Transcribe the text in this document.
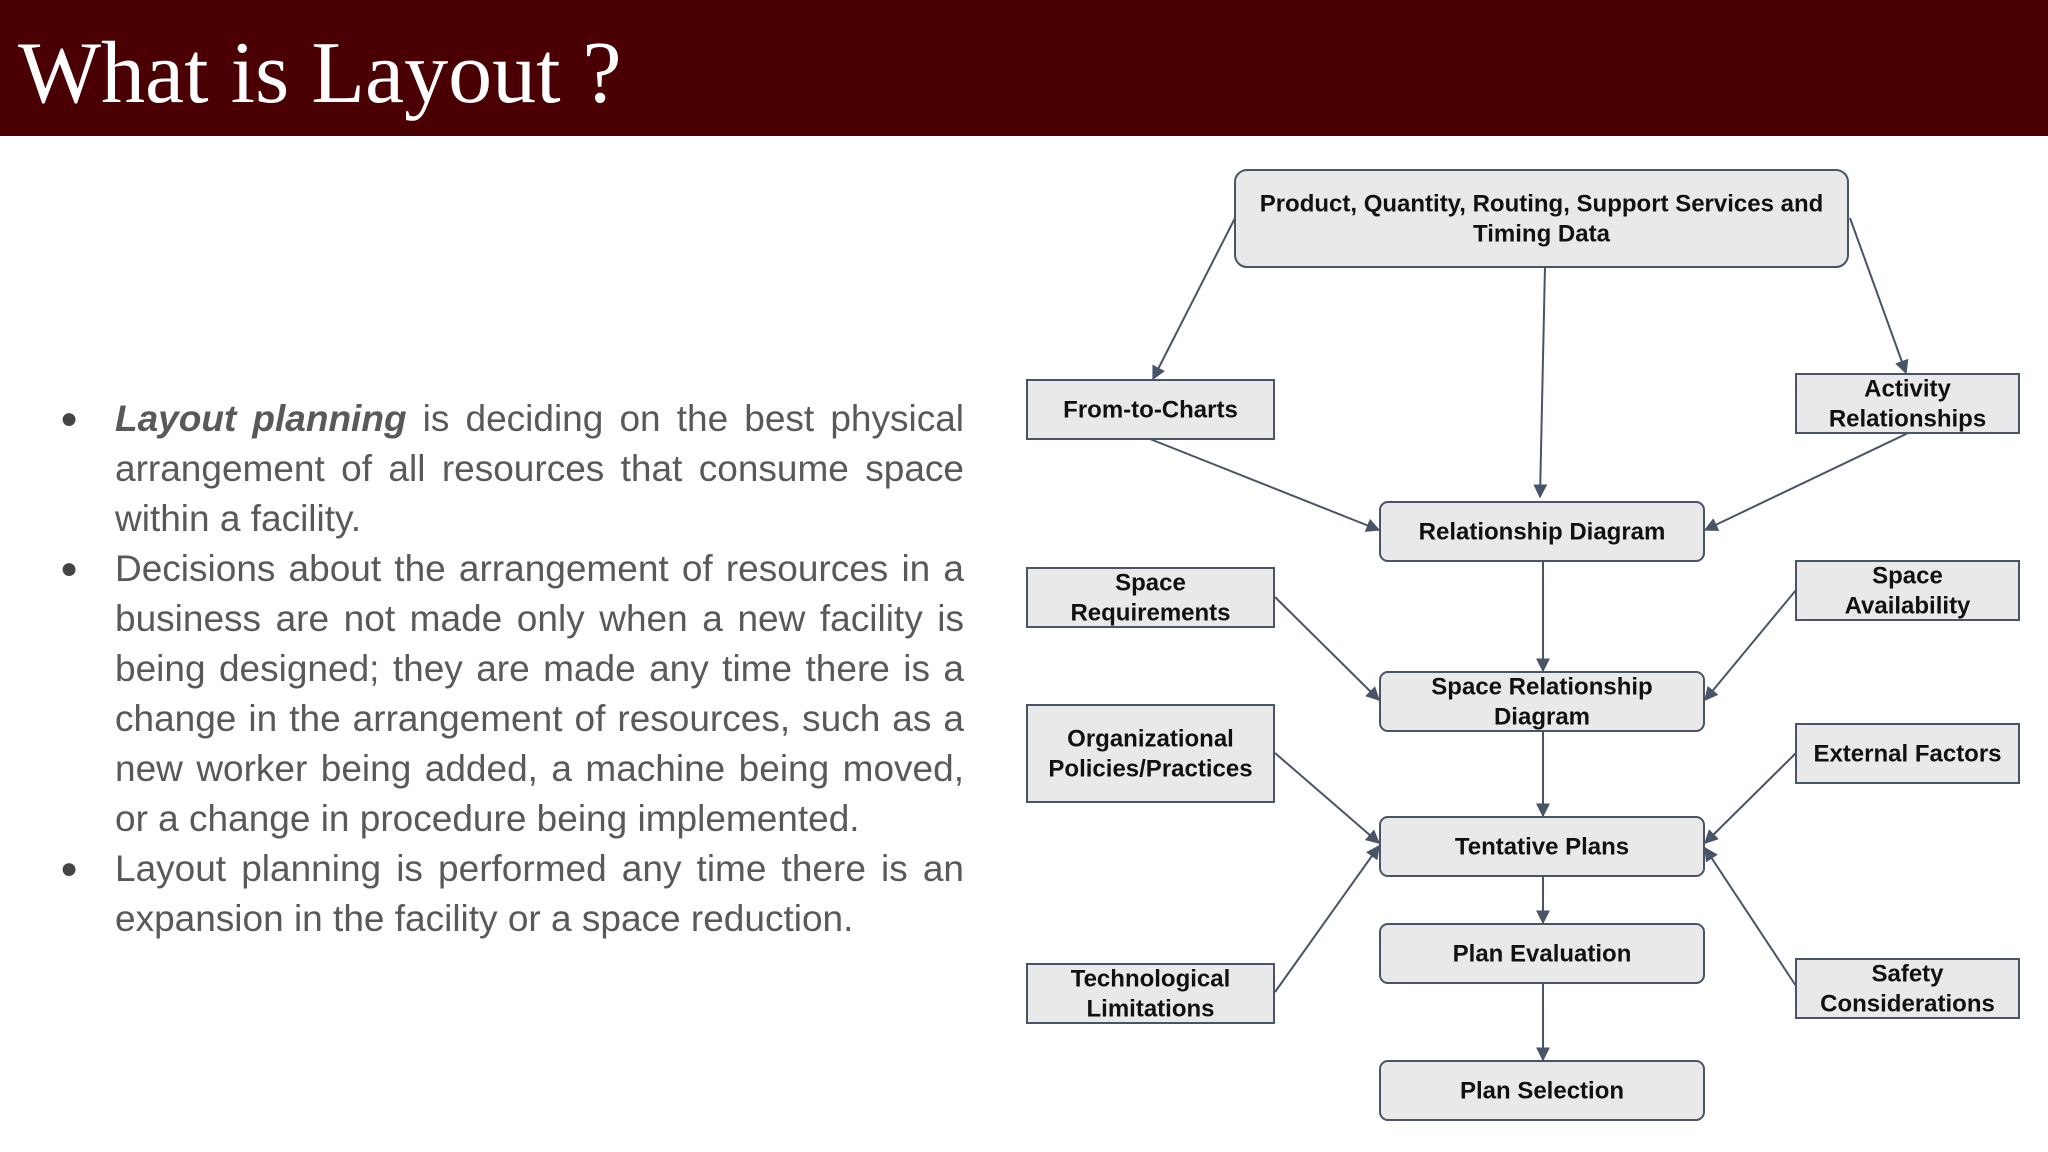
What is Layout ?
● Layout planning is deciding on the best physical arrangement of all resources that consume space within a facility.
● Decisions about the arrangement of resources in a business are not made only when a new facility is being designed; they are made any time there is a change in the arrangement of resources, such as a new worker being added, a machine being moved, or a change in procedure being implemented.
● Layout planning is performed any time there is an expansion in the facility or a space reduction.
Product, Quantity, Routing, Support Services and
Timing Data
From-to-Charts
Activity
Relationships
Relationship Diagram
Space
Requirements
Space
Availability
Space Relationship
Diagram
Organizational
Policies/Practices
External Factors
Tentative Plans
Technological
Limitations
Safety
Considerations
Plan Evaluation
Plan Selection
